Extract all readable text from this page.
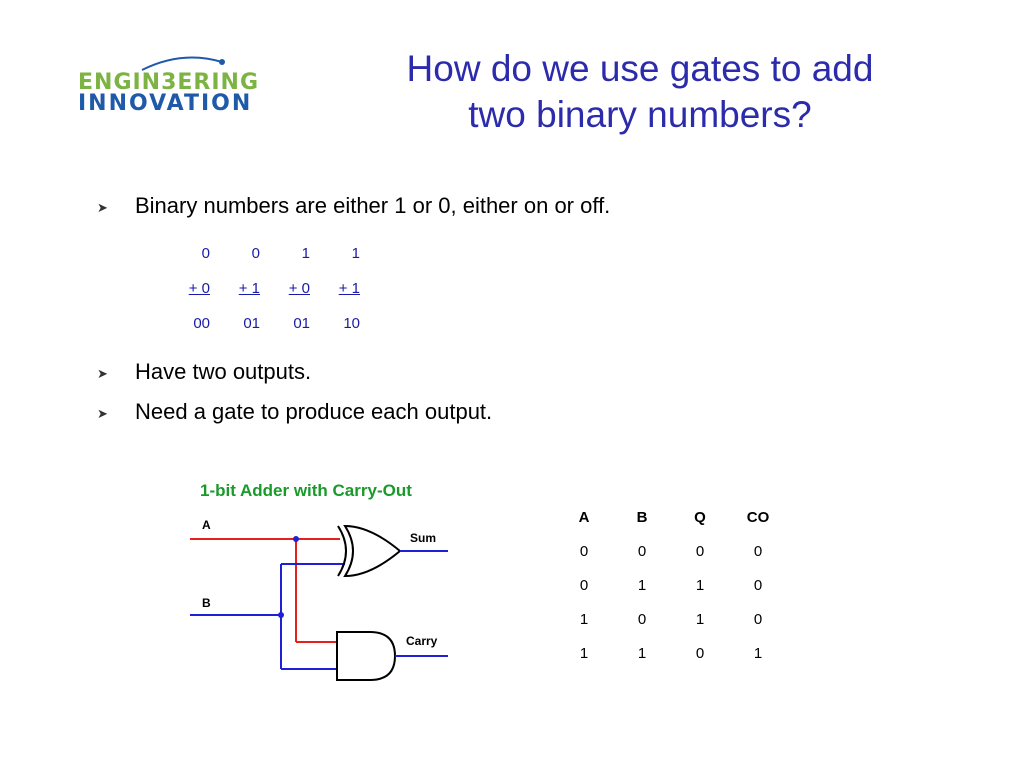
ENGIN3ERING
INNOVATION
How do we use gates to add
two binary numbers?
➤ Binary numbers are either 1 or 0, either on or off.
➤ Have two outputs.
➤ Need a gate to produce each output.
0	0	1	1
+ 0	+ 1	+ 0	+ 1
00	01	01	10
1-bit Adder with Carry-Out
A
B
Sum
Carry
A	B	Q	CO
0	0	0	0
0	1	1	0
1	0	1	0
1	1	0	1
